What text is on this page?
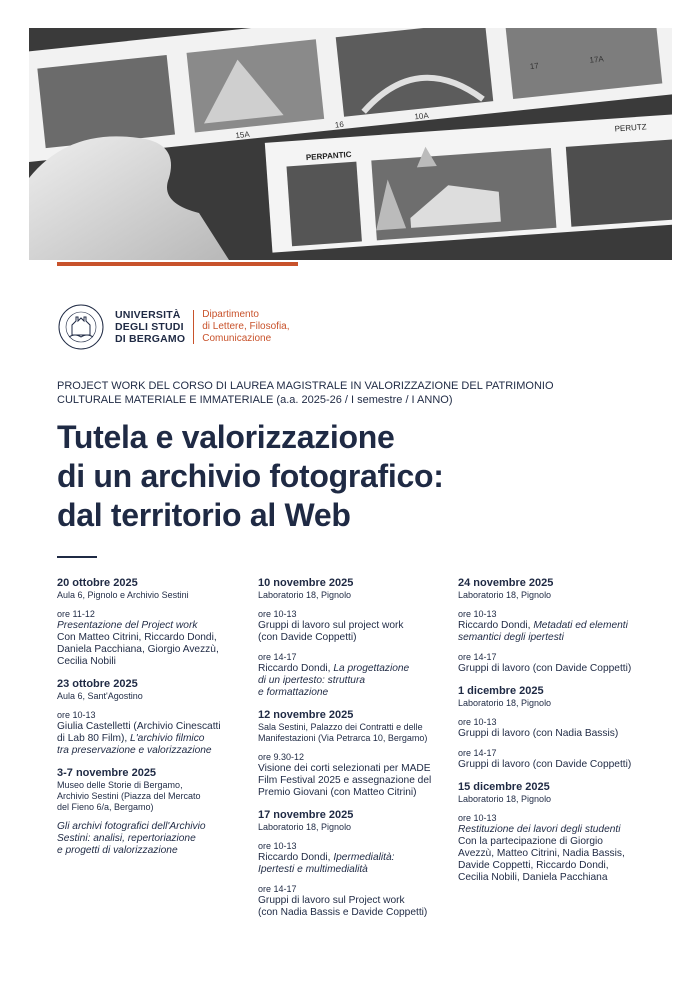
15A
16
10A
17
17A
PERPANTIC
PERUTZ
UNIVERSITÀ
DEGLI STUDI
DI BERGAMO
Dipartimento
di Lettere, Filosofia,
Comunicazione
PROJECT WORK DEL CORSO DI LAUREA MAGISTRALE IN VALORIZZAZIONE DEL PATRIMONIO
CULTURALE MATERIALE E IMMATERIALE (a.a. 2025-26 / I semestre / I ANNO)
Tutela e valorizzazione
di un archivio fotografico:
dal territorio al Web
20 ottobre 2025
Aula 6, Pignolo e Archivio Sestini
ore 11-12
Presentazione del Project work
Con Matteo Citrini, Riccardo Dondi,
Daniela Pacchiana, Giorgio Avezzù,
Cecilia Nobili
23 ottobre 2025
Aula 6, Sant'Agostino
ore 10-13
Giulia Castelletti (Archivio Cinescatti
di Lab 80 Film), L'archivio filmico
tra preservazione e valorizzazione
3-7 novembre 2025
Museo delle Storie di Bergamo,
Archivio Sestini (Piazza del Mercato
del Fieno 6/a, Bergamo)
Gli archivi fotografici dell'Archivio
Sestini: analisi, repertoriazione
e progetti di valorizzazione
10 novembre 2025
Laboratorio 18, Pignolo
ore 10-13
Gruppi di lavoro sul project work
(con Davide Coppetti)
ore 14-17
Riccardo Dondi, La progettazione
di un ipertesto: struttura
e formattazione
12 novembre 2025
Sala Sestini, Palazzo dei Contratti e delle
Manifestazioni (Via Petrarca 10, Bergamo)
ore 9.30-12
Visione dei corti selezionati per MADE
Film Festival 2025 e assegnazione del
Premio Giovani (con Matteo Citrini)
17 novembre 2025
Laboratorio 18, Pignolo
ore 10-13
Riccardo Dondi, Ipermedialità:
Ipertesti e multimedialità
ore 14-17
Gruppi di lavoro sul Project work
(con Nadia Bassis e Davide Coppetti)
24 novembre 2025
Laboratorio 18, Pignolo
ore 10-13
Riccardo Dondi, Metadati ed elementi
semantici degli ipertesti
ore 14-17
Gruppi di lavoro (con Davide Coppetti)
1 dicembre 2025
Laboratorio 18, Pignolo
ore 10-13
Gruppi di lavoro (con Nadia Bassis)
ore 14-17
Gruppi di lavoro (con Davide Coppetti)
15 dicembre 2025
Laboratorio 18, Pignolo
ore 10-13
Restituzione dei lavori degli studenti
Con la partecipazione di Giorgio
Avezzù, Matteo Citrini, Nadia Bassis,
Davide Coppetti, Riccardo Dondi,
Cecilia Nobili, Daniela Pacchiana
